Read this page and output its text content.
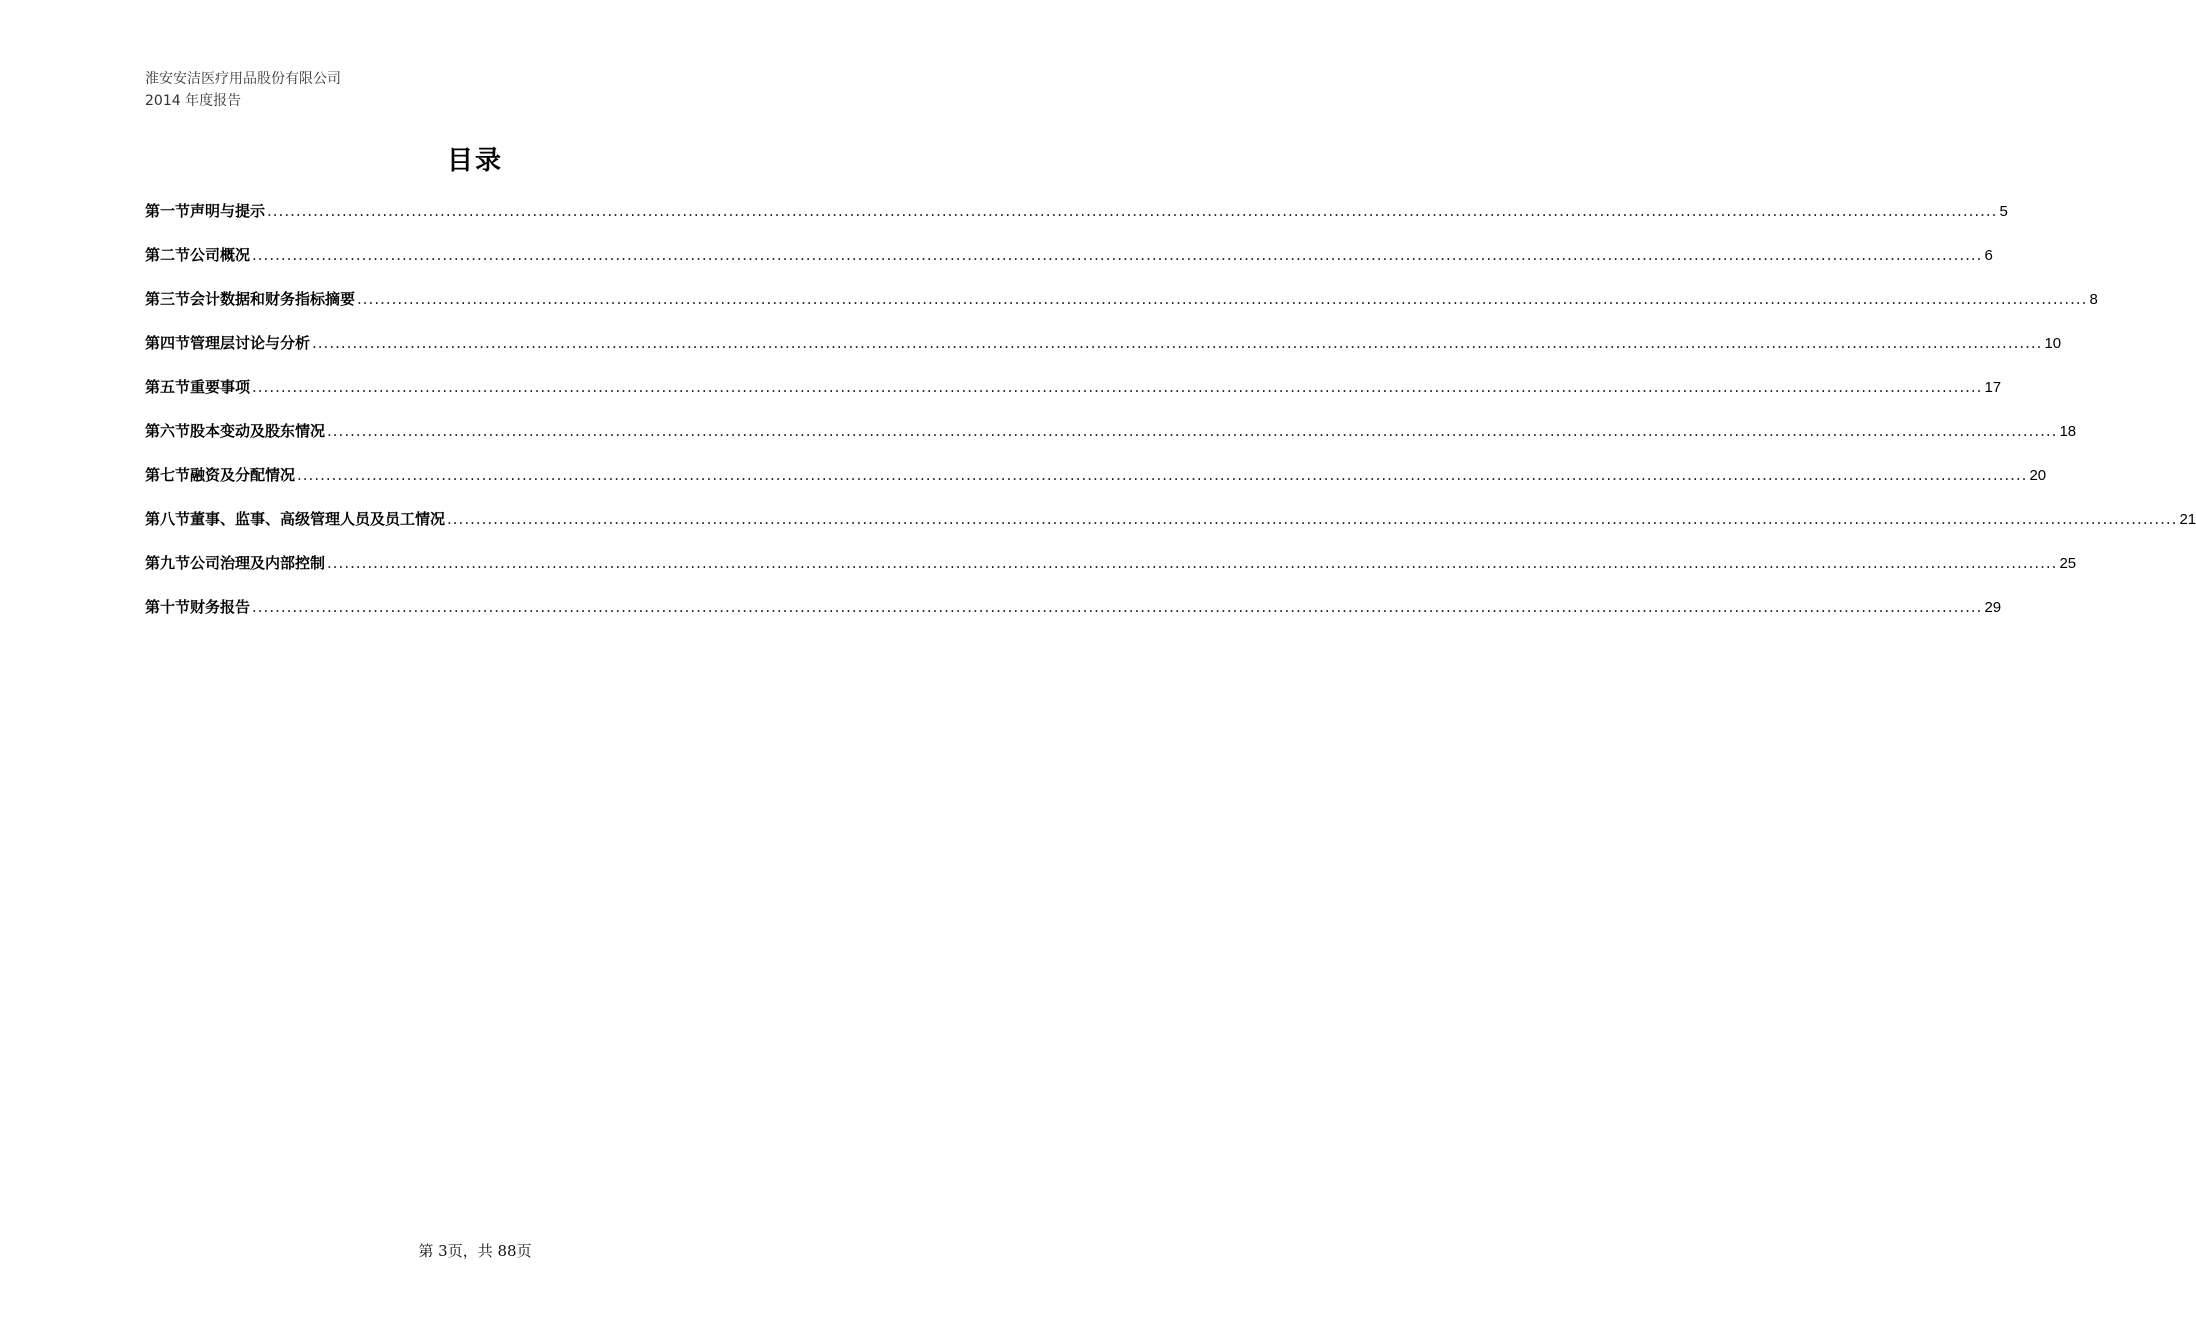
淮安安洁医疗用品股份有限公司
2014 年度报告
目录
第一节声明与提示 ............................................................................................................................................................................................................................................................................................................ 5
第二节公司概况 ............................................................................................................................................................................................................................................................................................................ 6
第三节会计数据和财务指标摘要 ............................................................................................................................................................................................................................................................................................................ 8
第四节管理层讨论与分析 ............................................................................................................................................................................................................................................................................................................ 10
第五节重要事项 ............................................................................................................................................................................................................................................................................................................ 17
第六节股本变动及股东情况 ............................................................................................................................................................................................................................................................................................................ 18
第七节融资及分配情况 ............................................................................................................................................................................................................................................................................................................ 20
第八节董事、监事、高级管理人员及员工情况 ............................................................................................................................................................................................................................................................................................................ 21
第九节公司治理及内部控制 ............................................................................................................................................................................................................................................................................................................ 25
第十节财务报告 ............................................................................................................................................................................................................................................................................................................ 29
第 3页，共 88页
